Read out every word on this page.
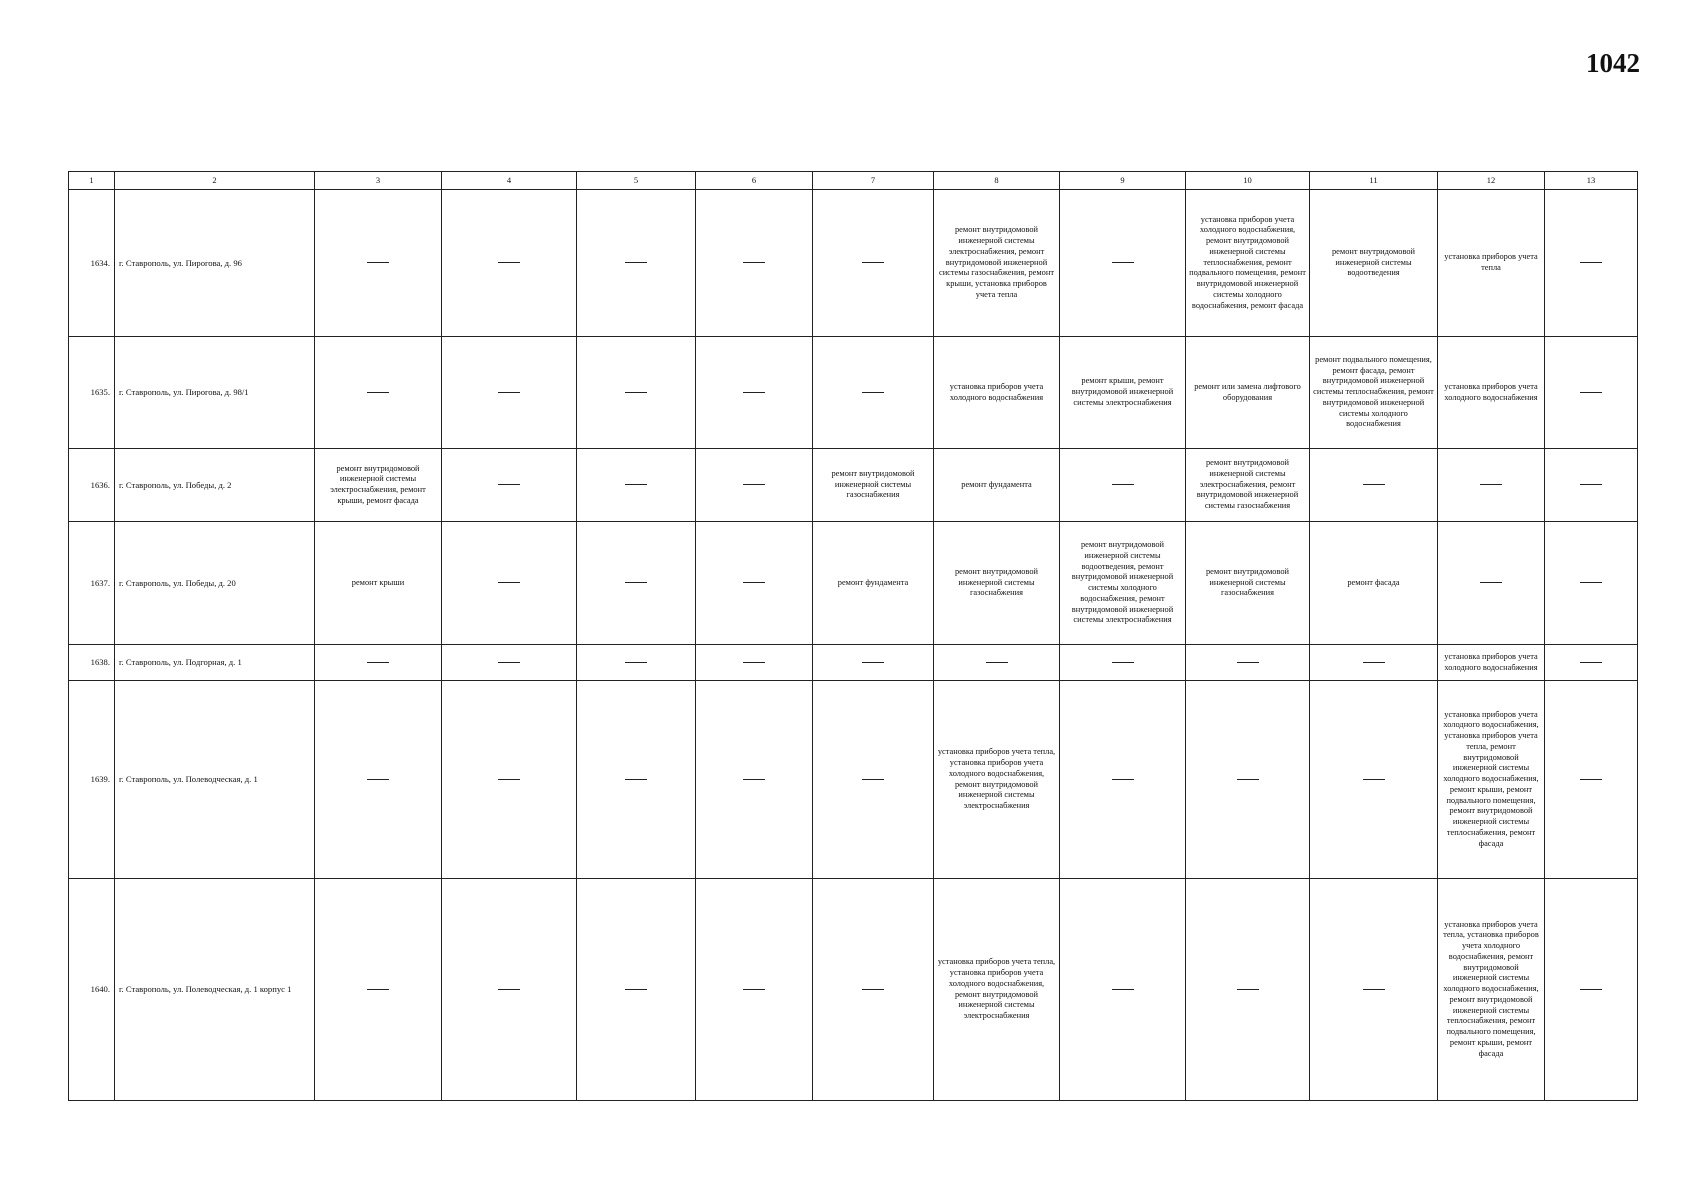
1042
1	2	3	4	5	6	7	8	9	10	11	12	13
1634.	г. Ставрополь, ул. Пирогова, д. 96						ремонт внутридомовой инженерной системы электроснабжения, ремонт внутридомовой инженерной системы газоснабжения, ремонт крыши, установка приборов учета тепла		установка приборов учета холодного водоснабжения, ремонт внутридомовой инженерной системы теплоснабжения, ремонт подвального помещения, ремонт внутридомовой инженерной системы холодного водоснабжения, ремонт фасада	ремонт внутридомовой инженерной системы водоотведения	установка приборов учета тепла	
1635.	г. Ставрополь, ул. Пирогова, д. 98/1						установка приборов учета холодного водоснабжения	ремонт крыши, ремонт внутридомовой инженерной системы электроснабжения	ремонт или замена лифтового оборудования	ремонт подвального помещения, ремонт фасада, ремонт внутридомовой инженерной системы теплоснабжения, ремонт внутридомовой инженерной системы холодного водоснабжения	установка приборов учета холодного водоснабжения	
1636.	г. Ставрополь, ул. Победы, д. 2	ремонт внутридомовой инженерной системы электроснабжения, ремонт крыши, ремонт фасада				ремонт внутридомовой инженерной системы газоснабжения	ремонт фундамента		ремонт внутридомовой инженерной системы электроснабжения, ремонт внутридомовой инженерной системы газоснабжения			
1637.	г. Ставрополь, ул. Победы, д. 20	ремонт крыши				ремонт фундамента	ремонт внутридомовой инженерной системы газоснабжения	ремонт внутридомовой инженерной системы водоотведения, ремонт внутридомовой инженерной системы холодного водоснабжения, ремонт внутридомовой инженерной системы электроснабжения	ремонт внутридомовой инженерной системы газоснабжения	ремонт фасада		
1638.	г. Ставрополь, ул. Подгорная, д. 1										установка приборов учета холодного водоснабжения	
1639.	г. Ставрополь, ул. Полеводческая, д. 1						установка приборов учета тепла, установка приборов учета холодного водоснабжения, ремонт внутридомовой инженерной системы электроснабжения				установка приборов учета холодного водоснабжения, установка приборов учета тепла, ремонт внутридомовой инженерной системы холодного водоснабжения, ремонт крыши, ремонт подвального помещения, ремонт внутридомовой инженерной системы теплоснабжения, ремонт фасада	
1640.	г. Ставрополь, ул. Полеводческая, д. 1 корпус 1						установка приборов учета тепла, установка приборов учета холодного водоснабжения, ремонт внутридомовой инженерной системы электроснабжения				установка приборов учета тепла, установка приборов учета холодного водоснабжения, ремонт внутридомовой инженерной системы холодного водоснабжения, ремонт внутридомовой инженерной системы теплоснабжения, ремонт подвального помещения, ремонт крыши, ремонт фасада	
